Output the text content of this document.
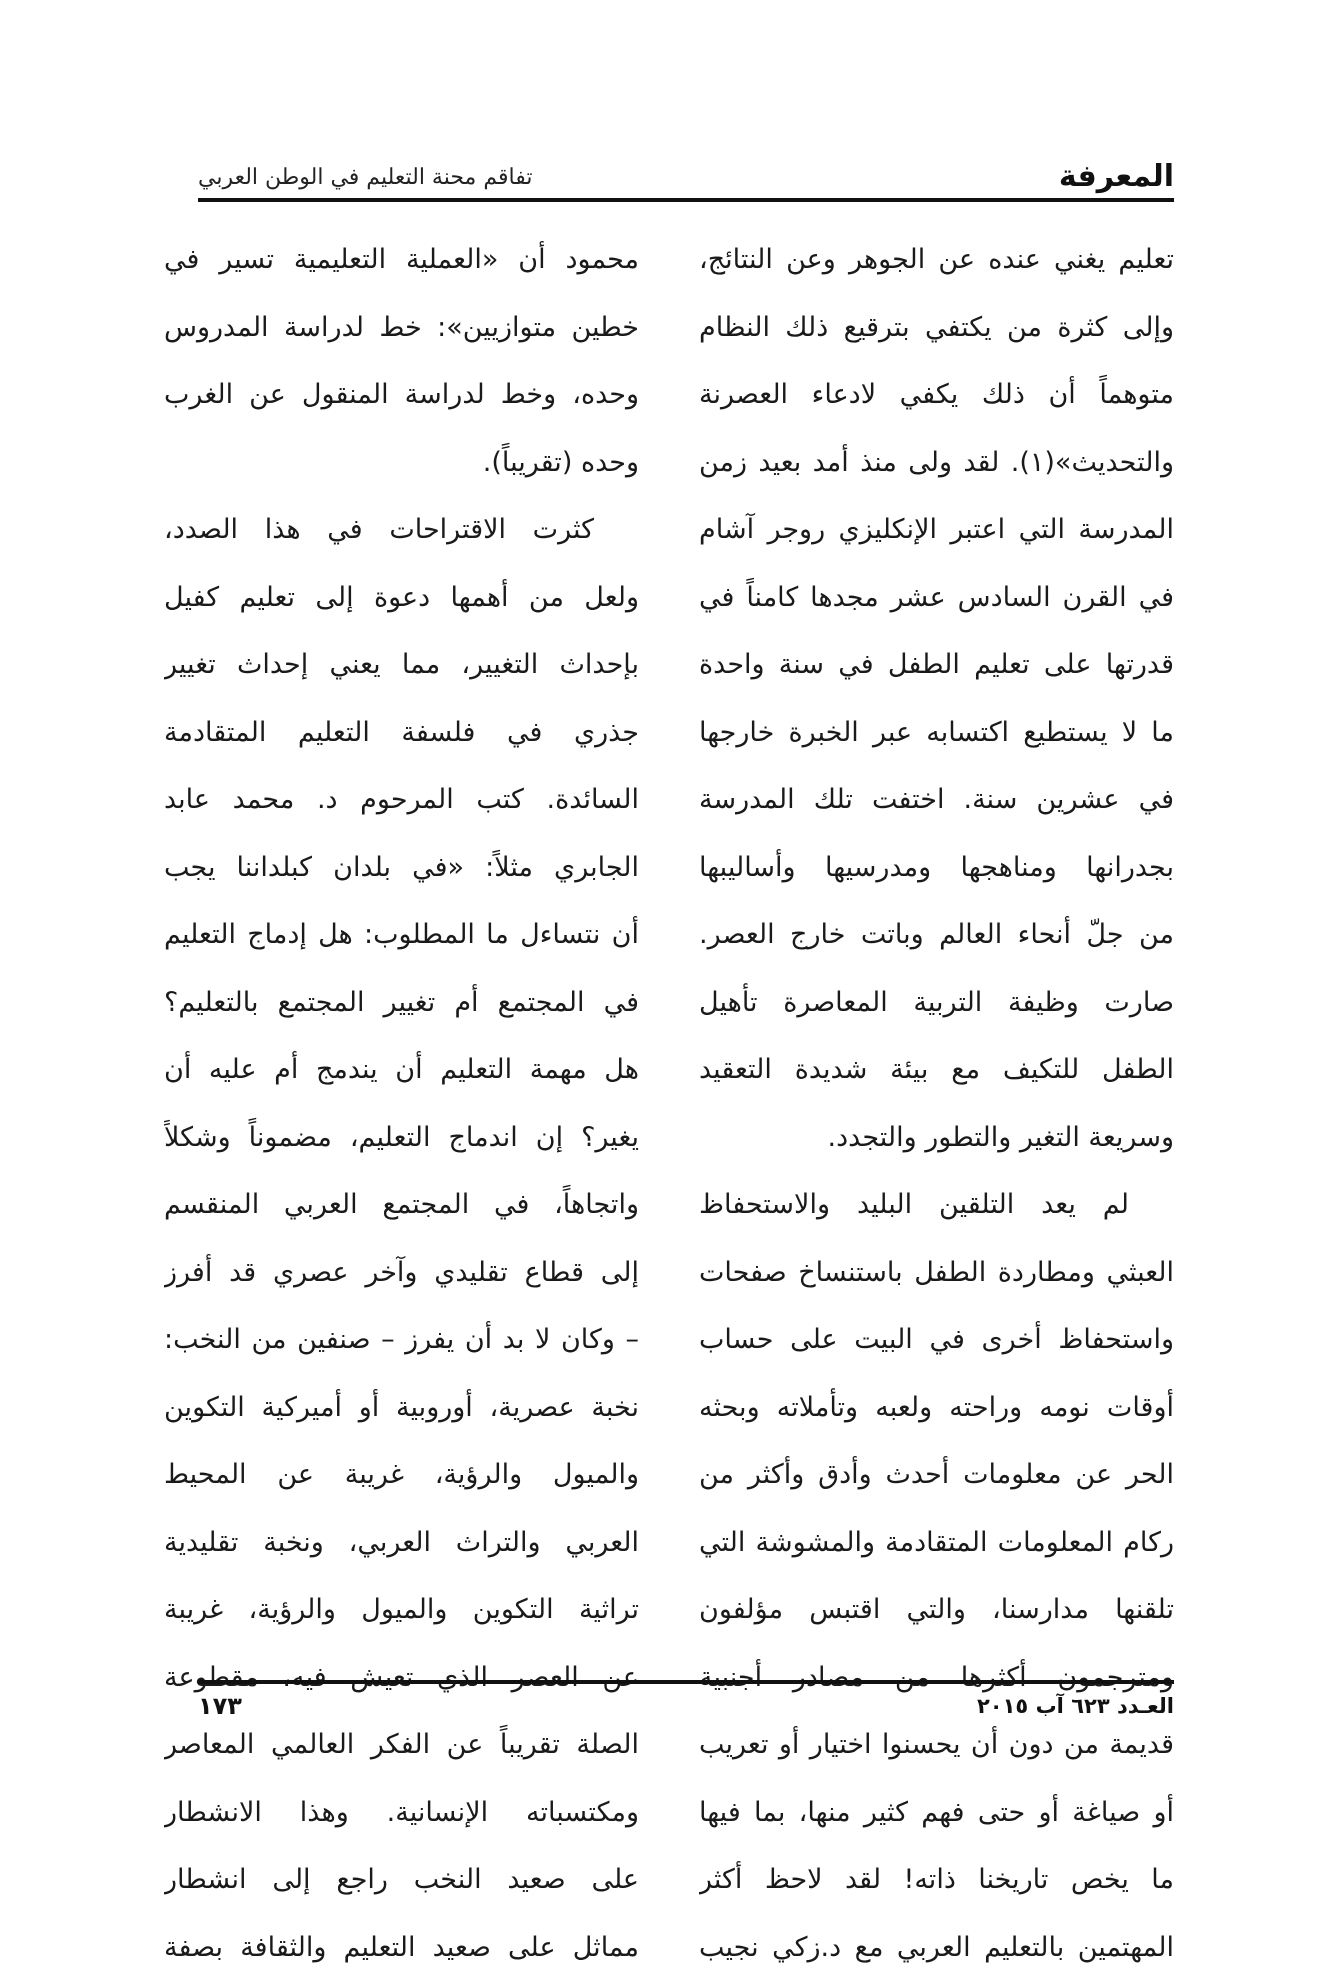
المعرفة
تفاقم محنة التعليم في الوطن العربي
تعليم يغني عنده عن الجوهر وعن النتائج،
وإلى كثرة من يكتفي بترقيع ذلك النظام
متوهماً أن ذلك يكفي لادعاء العصرنة
والتحديث»(١). لقد ولى منذ أمد بعيد زمن
المدرسة التي اعتبر الإنكليزي روجر آشام
في القرن السادس عشر مجدها كامناً في
قدرتها على تعليم الطفل في سنة واحدة
ما لا يستطيع اكتسابه عبر الخبرة خارجها
في عشرين سنة. اختفت تلك المدرسة
بجدرانها ومناهجها ومدرسيها وأساليبها
من جلّ أنحاء العالم وباتت خارج العصر.
صارت وظيفة التربية المعاصرة تأهيل
الطفل للتكيف مع بيئة شديدة التعقيد
وسريعة التغير والتطور والتجدد.
لم يعد التلقين البليد والاستحفاظ
العبثي ومطاردة الطفل باستنساخ صفحات
واستحفاظ أخرى في البيت على حساب
أوقات نومه وراحته ولعبه وتأملاته وبحثه
الحر عن معلومات أحدث وأدق وأكثر من
ركام المعلومات المتقادمة والمشوشة التي
تلقنها مدارسنا، والتي اقتبس مؤلفون
ومترجمون أكثرها من مصادر أجنبية
قديمة من دون أن يحسنوا اختيار أو تعريب
أو صياغة أو حتى فهم كثير منها، بما فيها
ما يخص تاريخنا ذاته! لقد لاحظ أكثر
المهتمين بالتعليم العربي مع د.زكي نجيب
محمود أن «العملية التعليمية تسير في
خطين متوازيين»: خط لدراسة المدروس
وحده، وخط لدراسة المنقول عن الغرب
وحده (تقريباً).
كثرت الاقتراحات في هذا الصدد،
ولعل من أهمها دعوة إلى تعليم كفيل
بإحداث التغيير، مما يعني إحداث تغيير
جذري في فلسفة التعليم المتقادمة
السائدة. كتب المرحوم د. محمد عابد
الجابري مثلاً: «في بلدان كبلداننا يجب
أن نتساءل ما المطلوب: هل إدماج التعليم
في المجتمع أم تغيير المجتمع بالتعليم؟
هل مهمة التعليم أن يندمج أم عليه أن
يغير؟ إن اندماج التعليم، مضموناً وشكلاً
واتجاهاً، في المجتمع العربي المنقسم
إلى قطاع تقليدي وآخر عصري قد أفرز
– وكان لا بد أن يفرز – صنفين من النخب:
نخبة عصرية، أوروبية أو أميركية التكوين
والميول والرؤية، غريبة عن المحيط
العربي والتراث العربي، ونخبة تقليدية
تراثية التكوين والميول والرؤية، غريبة
عن العصر الذي تعيش فيه، مقطوعة
الصلة تقريباً عن الفكر العالمي المعاصر
ومكتسباته الإنسانية. وهذا الانشطار
على صعيد النخب راجع إلى انشطار
مماثل على صعيد التعليم والثقافة بصفة
العـدد ٦٢٣ آب ٢٠١٥
١٧٣
